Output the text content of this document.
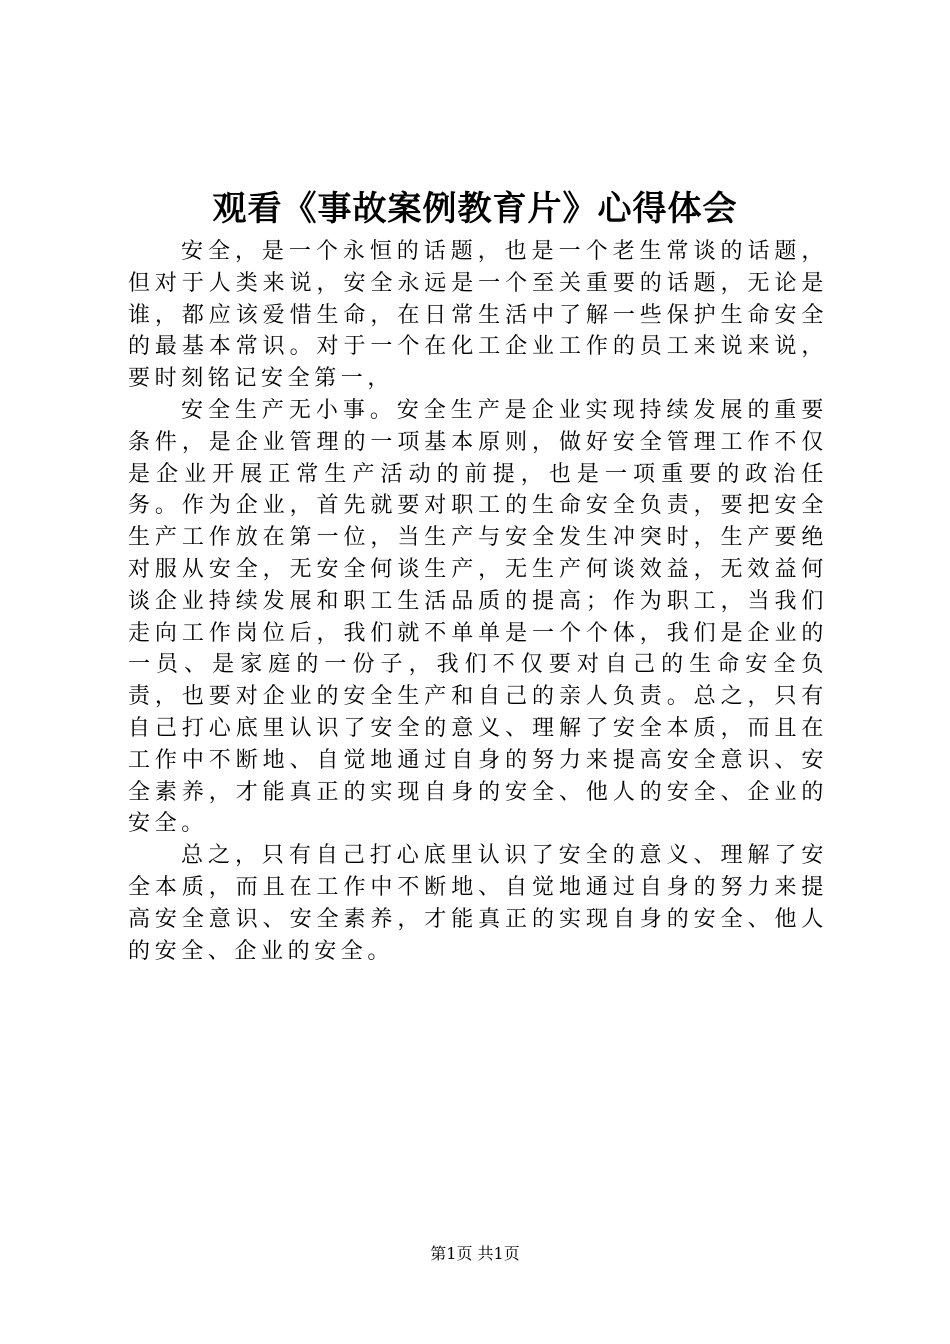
观看《事故案例教育片》心得体会

安全，是一个永恒的话题，也是一个老生常谈的话题，但对于人类来说，安全永远是一个至关重要的话题，无论是谁，都应该爱惜生命，在日常生活中了解一些保护生命安全的最基本常识。对于一个在化工企业工作的员工来说来说，要时刻铭记安全第一，

安全生产无小事。安全生产是企业实现持续发展的重要条件，是企业管理的一项基本原则，做好安全管理工作不仅是企业开展正常生产活动的前提，也是一项重要的政治任务。作为企业，首先就要对职工的生命安全负责，要把安全生产工作放在第一位，当生产与安全发生冲突时，生产要绝对服从安全，无安全何谈生产，无生产何谈效益，无效益何谈企业持续发展和职工生活品质的提高；作为职工，当我们走向工作岗位后，我们就不单单是一个个体，我们是企业的一员、是家庭的一份子，我们不仅要对自己的生命安全负责，也要对企业的安全生产和自己的亲人负责。总之，只有自己打心底里认识了安全的意义、理解了安全本质，而且在工作中不断地、自觉地通过自身的努力来提高安全意识、安全素养，才能真正的实现自身的安全、他人的安全、企业的安全。

总之，只有自己打心底里认识了安全的意义、理解了安全本质，而且在工作中不断地、自觉地通过自身的努力来提高安全意识、安全素养，才能真正的实现自身的安全、他人的安全、企业的安全。

第1页 共1页
